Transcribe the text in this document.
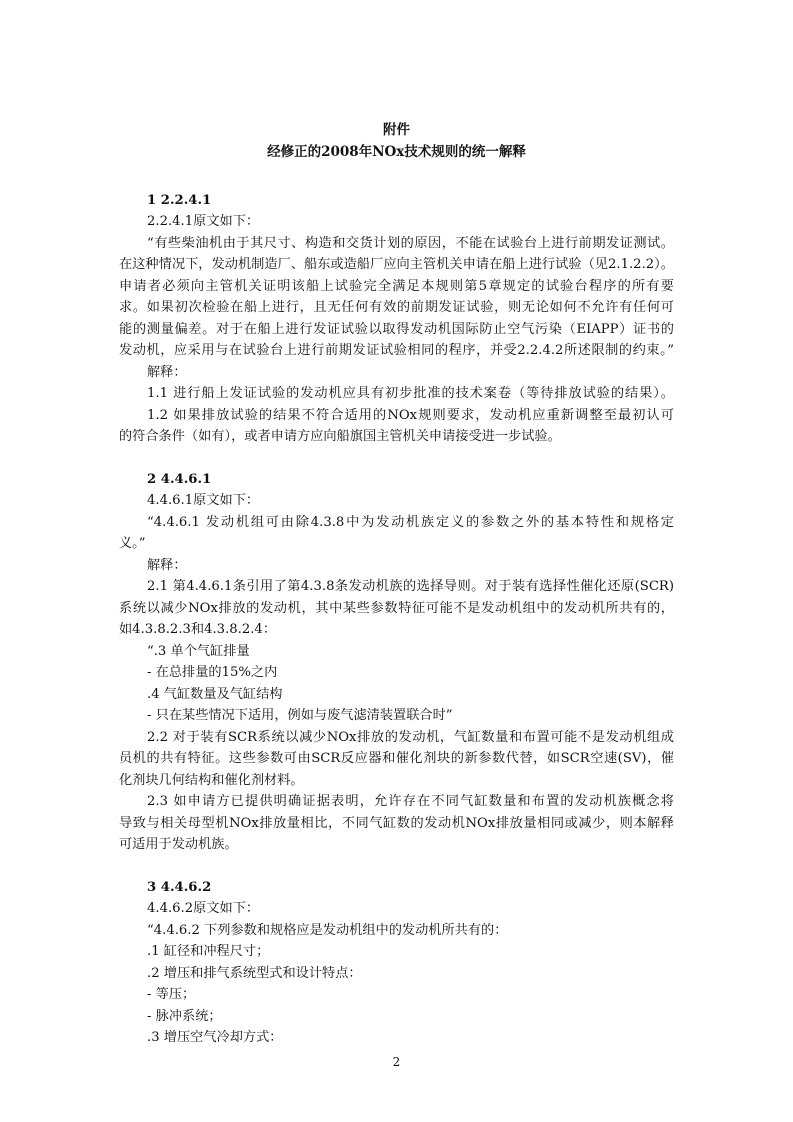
附件
经修正的2008年NOx技术规则的统一解释
1 2.2.4.1
2.2.4.1原文如下：
“有些柴油机由于其尺寸、构造和交货计划的原因，不能在试验台上进行前期发证测试。
在这种情况下，发动机制造厂、船东或造船厂应向主管机关申请在船上进行试验（见2.1.2.2）。
申请者必须向主管机关证明该船上试验完全满足本规则第5章规定的试验台程序的所有要
求。如果初次检验在船上进行，且无任何有效的前期发证试验，则无论如何不允许有任何可
能的测量偏差。对于在船上进行发证试验以取得发动机国际防止空气污染（EIAPP）证书的
发动机，应采用与在试验台上进行前期发证试验相同的程序，并受2.2.4.2所述限制的约束。”
解释：
1.1 进行船上发证试验的发动机应具有初步批准的技术案卷（等待排放试验的结果）。
1.2 如果排放试验的结果不符合适用的NOx规则要求，发动机应重新调整至最初认可
的符合条件（如有），或者申请方应向船旗国主管机关申请接受进一步试验。
2 4.4.6.1
4.4.6.1原文如下：
“4.4.6.1 发动机组可由除4.3.8中为发动机族定义的参数之外的基本特性和规格定
义。”
解释：
2.1 第4.4.6.1条引用了第4.3.8条发动机族的选择导则。对于装有选择性催化还原(SCR)
系统以减少NOx排放的发动机，其中某些参数特征可能不是发动机组中的发动机所共有的，
如4.3.8.2.3和4.3.8.2.4：
“.3 单个气缸排量
- 在总排量的15%之内
.4 气缸数量及气缸结构
- 只在某些情况下适用，例如与废气滤清装置联合时”
2.2 对于装有SCR系统以减少NOx排放的发动机，气缸数量和布置可能不是发动机组成
员机的共有特征。这些参数可由SCR反应器和催化剂块的新参数代替，如SCR空速(SV)，催
化剂块几何结构和催化剂材料。
2.3 如申请方已提供明确证据表明，允许存在不同气缸数量和布置的发动机族概念将
导致与相关母型机NOx排放量相比，不同气缸数的发动机NOx排放量相同或减少，则本解释
可适用于发动机族。
3 4.4.6.2
4.4.6.2原文如下：
“4.4.6.2 下列参数和规格应是发动机组中的发动机所共有的：
.1 缸径和冲程尺寸；
.2 增压和排气系统型式和设计特点：
- 等压；
- 脉冲系统；
.3 增压空气冷却方式：
2
